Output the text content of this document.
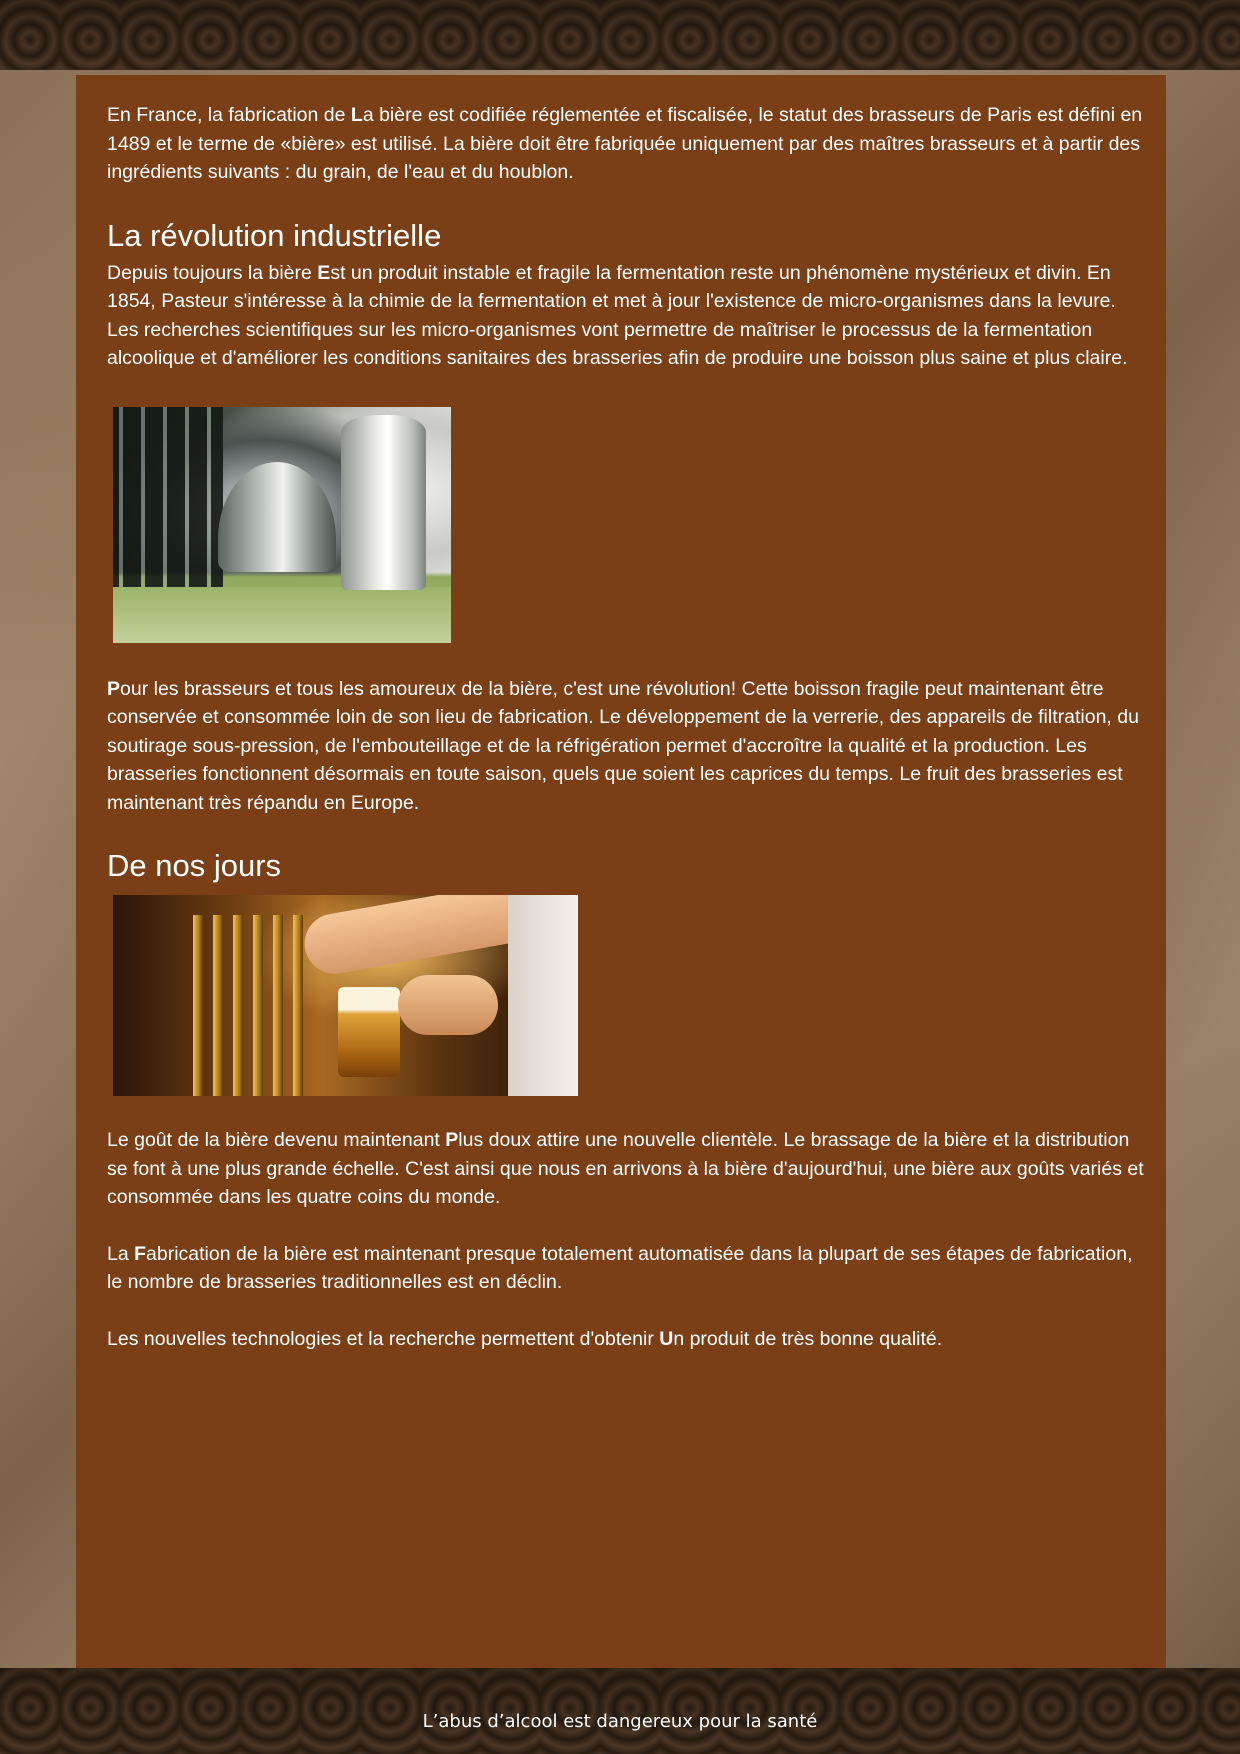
En France, la fabrication de La bière est codifiée réglementée et fiscalisée, le statut des brasseurs de Paris est défini en 1489 et le terme de «bière» est utilisé. La bière doit être fabriquée uniquement par des maîtres brasseurs et à partir des ingrédients suivants : du grain, de l'eau et du houblon.

La révolution industrielle

Depuis toujours la bière Est un produit instable et fragile la fermentation reste un phénomène mystérieux et divin. En 1854, Pasteur s'intéresse à la chimie de la fermentation et met à jour l'existence de micro-organismes dans la levure. Les recherches scientifiques sur les micro-organismes vont permettre de maîtriser le processus de la fermentation alcoolique et d'améliorer les conditions sanitaires des brasseries afin de produire une boisson plus saine et plus claire.

Pour les brasseurs et tous les amoureux de la bière, c'est une révolution! Cette boisson fragile peut maintenant être conservée et consommée loin de son lieu de fabrication. Le développement de la verrerie, des appareils de filtration, du soutirage sous-pression, de l'embouteillage et de la réfrigération permet d'accroître la qualité et la production. Les brasseries fonctionnent désormais en toute saison, quels que soient les caprices du temps. Le fruit des brasseries est maintenant très répandu en Europe.

De nos jours

Le goût de la bière devenu maintenant Plus doux attire une nouvelle clientèle. Le brassage de la bière et la distribution se font à une plus grande échelle. C'est ainsi que nous en arrivons à la bière d'aujourd'hui, une bière aux goûts variés et consommée dans les quatre coins du monde.

La Fabrication de la bière est maintenant presque totalement automatisée dans la plupart de ses étapes de fabrication, le nombre de brasseries traditionnelles est en déclin.

Les nouvelles technologies et la recherche permettent d'obtenir Un produit de très bonne qualité.

L’abus d’alcool est dangereux pour la santé
